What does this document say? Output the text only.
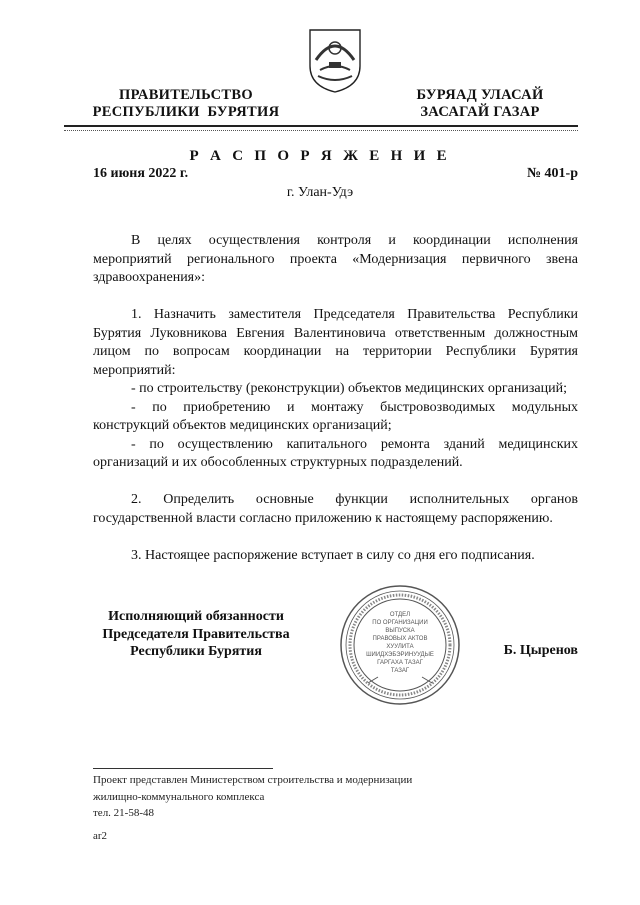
ПРАВИТЕЛЬСТВО
РЕСПУБЛИКИ  БУРЯТИЯ
БУРЯАД УЛАСАЙ
ЗАСАГАЙ ГАЗАР
Р А С П О Р Я Ж Е Н И Е
16 июня 2022 г.	№ 401-р
г. Улан-Удэ

В целях осуществления контроля и координации исполнения мероприятий регионального проекта «Модернизация первичного звена здравоохранения»:

1. Назначить заместителя Председателя Правительства Республики Бурятия Луковникова Евгения Валентиновича ответственным должностным лицом по вопросам координации на территории Республики Бурятия мероприятий:

- по строительству (реконструкции) объектов медицинских организаций;

- по приобретению и монтажу быстровозводимых модульных конструкций объектов медицинских организаций;

- по осуществлению капитального ремонта зданий медицинских организаций и их обособленных структурных подразделений.

2. Определить основные функции исполнительных органов государственной власти согласно приложению к настоящему распоряжению.

3. Настоящее распоряжение вступает в силу со дня его подписания.

Исполняющий обязанности
Председателя Правительства
Республики Бурятия	Б. Цыренов
ОТДЕЛ
ПО ОРГАНИЗАЦИИ
ВЫПУСКА
ПРАВОВЫХ АКТОВ
ХУУЛИТА
ШИИДХЭБЭРИНУУДЫЕ
ГАРГАХА ТАЗАГ
ТАЗАГ
Проект представлен Министерством строительства и модернизации
жилищно-коммунального комплекса
тел. 21-58-48
ar2
